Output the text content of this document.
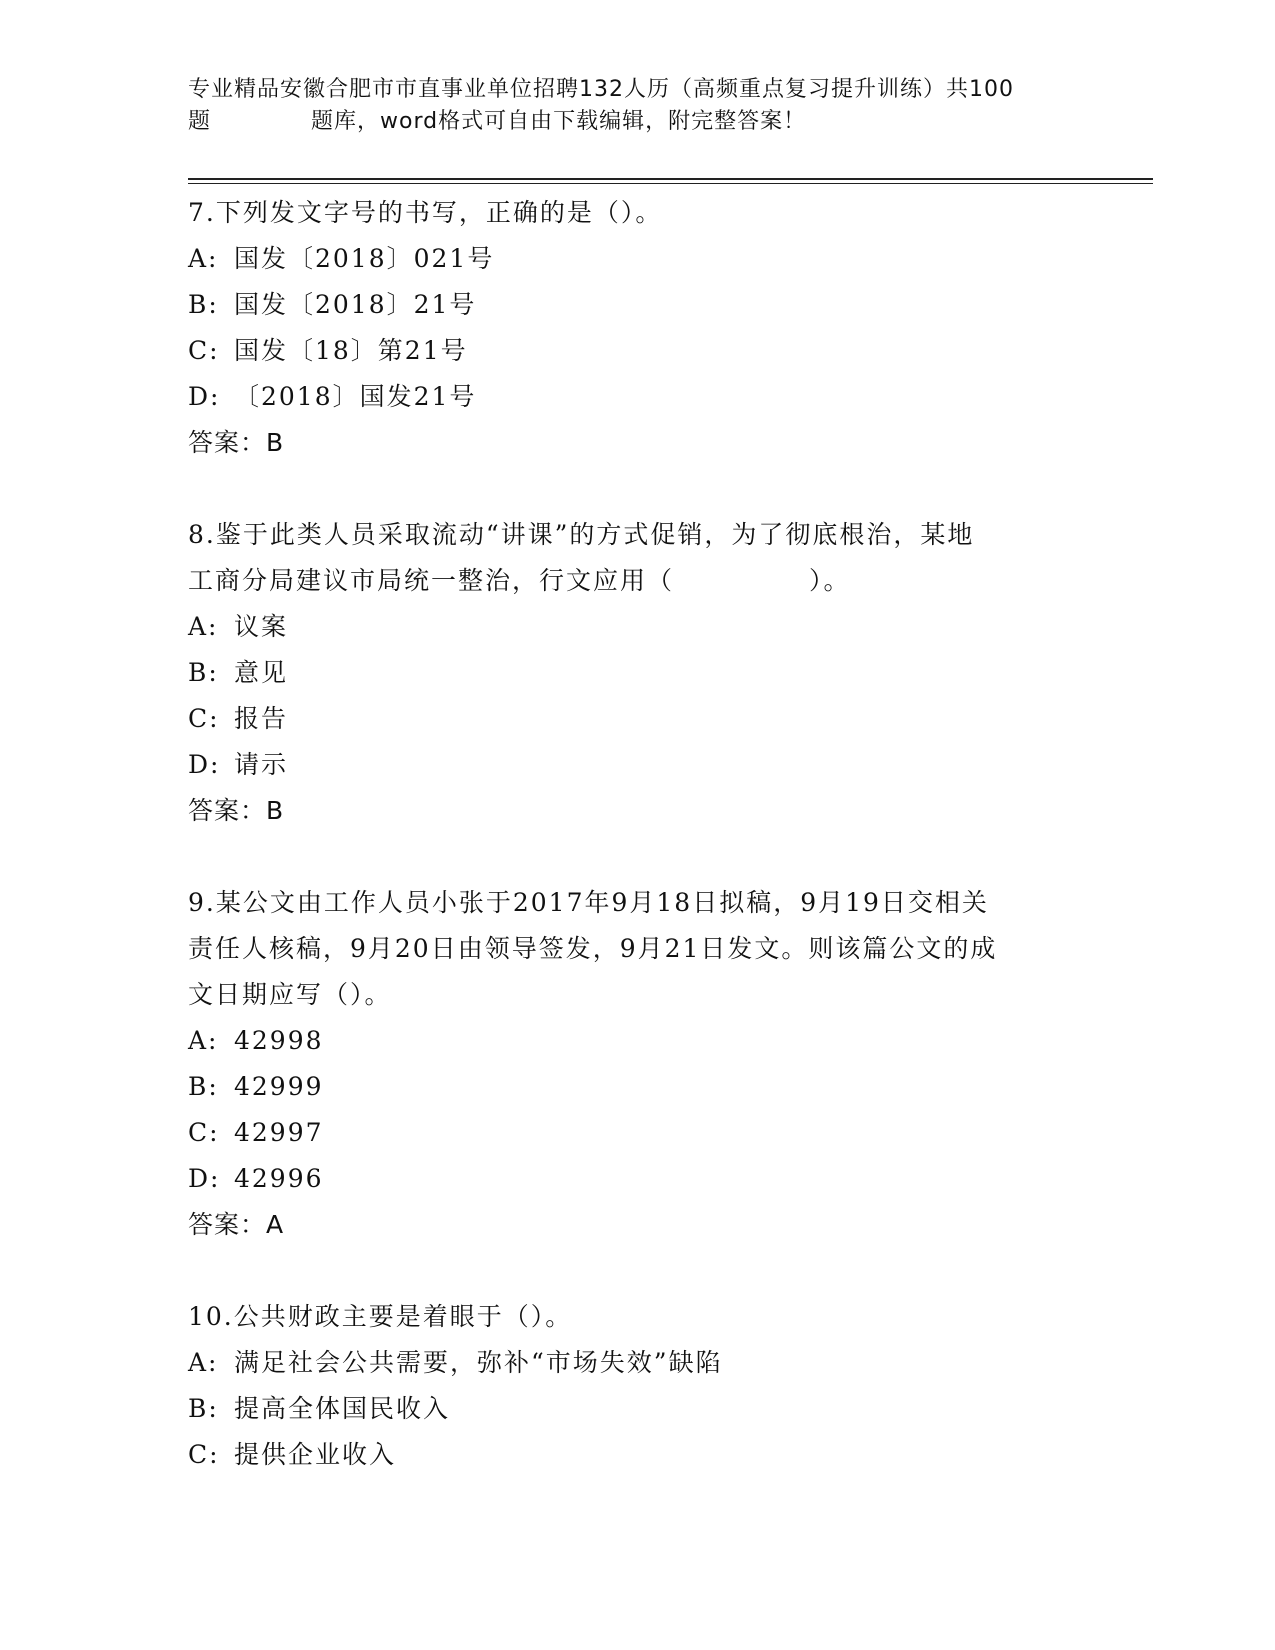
专业精品安徽合肥市市直事业单位招聘132人历（高频重点复习提升训练）共100
题	题库，word格式可自由下载编辑，附完整答案！
7.下列发文字号的书写，正确的是（）。
A: 国发〔2018〕021号
B: 国发〔2018〕21号
C: 国发〔18〕第21号
D: 〔2018〕国发21号
答案：B
8.鉴于此类人员采取流动“讲课”的方式促销，为了彻底根治，某地
工商分局建议市局统一整治，行文应用（　　　　　）。
A: 议案
B: 意见
C: 报告
D: 请示
答案：B
9.某公文由工作人员小张于2017年9月18日拟稿，9月19日交相关
责任人核稿，9月20日由领导签发，9月21日发文。则该篇公文的成
文日期应写（）。
A: 42998
B: 42999
C: 42997
D: 42996
答案：A
10.公共财政主要是着眼于（）。
A: 满足社会公共需要，弥补“市场失效”缺陷
B: 提高全体国民收入
C: 提供企业收入
